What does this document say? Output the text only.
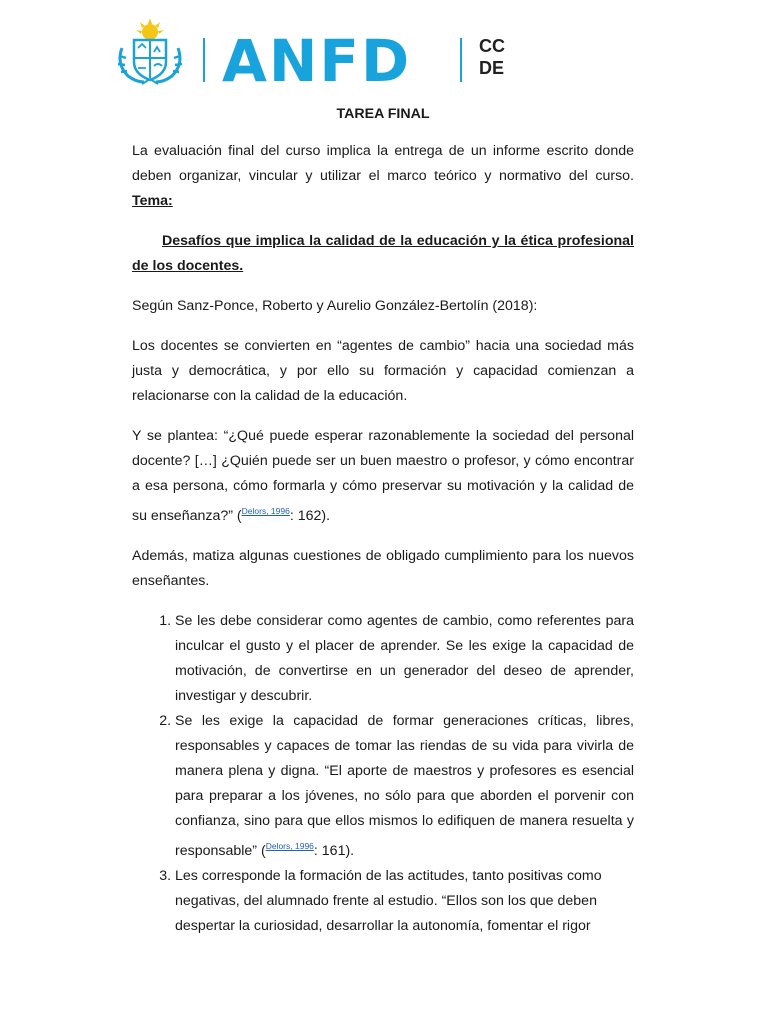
ANFD	CC
DE
TAREA FINAL

La evaluación final del curso implica la entrega de un informe escrito donde deben organizar, vincular y utilizar el marco teórico y normativo del curso. Tema:

Desafíos que implica la calidad de la educación y la ética profesional de los docentes.

Según Sanz-Ponce, Roberto y Aurelio González-Bertolín (2018):

Los docentes se convierten en “agentes de cambio” hacia una sociedad más justa y democrática, y por ello su formación y capacidad comienzan a relacionarse con la calidad de la educación.

Y se plantea: “¿Qué puede esperar razonablemente la sociedad del personal docente? […] ¿Quién puede ser un buen maestro o profesor, y cómo encontrar a esa persona, cómo formarla y cómo preservar su motivación y la calidad de su enseñanza?” ($^{Delors, 1996}$: 162).

Además, matiza algunas cuestiones de obligado cumplimiento para los nuevos enseñantes.

1. Se les debe considerar como agentes de cambio, como referentes para inculcar el gusto y el placer de aprender. Se les exige la capacidad de motivación, de convertirse en un generador del deseo de aprender, investigar y descubrir.
2. Se les exige la capacidad de formar generaciones críticas, libres, responsables y capaces de tomar las riendas de su vida para vivirla de manera plena y digna. “El aporte de maestros y profesores es esencial para preparar a los jóvenes, no sólo para que aborden el porvenir con confianza, sino para que ellos mismos lo edifiquen de manera resuelta y responsable” ($^{Delors, 1996}$: 161).
3. Les corresponde la formación de las actitudes, tanto positivas como negativas, del alumnado frente al estudio. “Ellos son los que deben despertar la curiosidad, desarrollar la autonomía, fomentar el rigor
